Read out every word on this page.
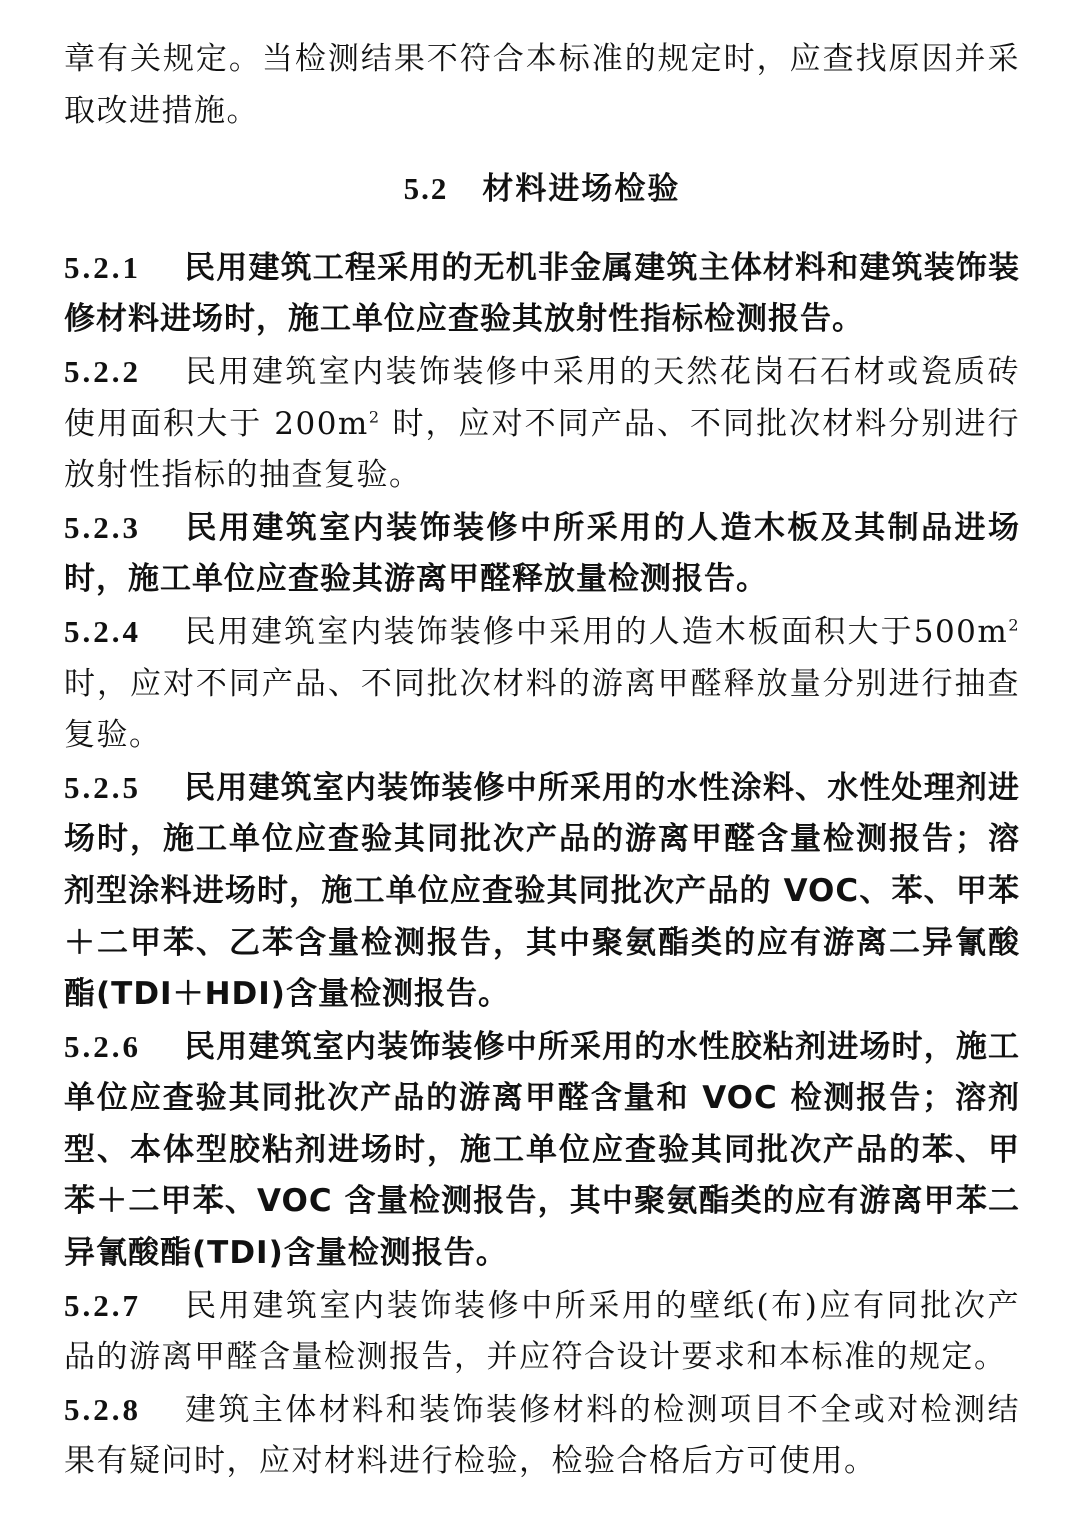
章有关规定。当检测结果不符合本标准的规定时，应查找原因并采取改进措施。

5.2 材料进场检验

5.2.1 民用建筑工程采用的无机非金属建筑主体材料和建筑装饰装修材料进场时，施工单位应查验其放射性指标检测报告。

5.2.2 民用建筑室内装饰装修中采用的天然花岗石石材或瓷质砖使用面积大于 $200m^2$ 时，应对不同产品、不同批次材料分别进行放射性指标的抽查复验。

5.2.3 民用建筑室内装饰装修中所采用的人造木板及其制品进场时，施工单位应查验其游离甲醛释放量检测报告。

5.2.4 民用建筑室内装饰装修中采用的人造木板面积大于$500m^2$时，应对不同产品、不同批次材料的游离甲醛释放量分别进行抽查复验。

5.2.5 民用建筑室内装饰装修中所采用的水性涂料、水性处理剂进场时，施工单位应查验其同批次产品的游离甲醛含量检测报告；溶剂型涂料进场时，施工单位应查验其同批次产品的 VOC、苯、甲苯＋二甲苯、乙苯含量检测报告，其中聚氨酯类的应有游离二异氰酸酯(TDI＋HDI)含量检测报告。

5.2.6 民用建筑室内装饰装修中所采用的水性胶粘剂进场时，施工单位应查验其同批次产品的游离甲醛含量和 VOC 检测报告；溶剂型、本体型胶粘剂进场时，施工单位应查验其同批次产品的苯、甲苯＋二甲苯、VOC 含量检测报告，其中聚氨酯类的应有游离甲苯二异氰酸酯(TDI)含量检测报告。

5.2.7 民用建筑室内装饰装修中所采用的壁纸(布)应有同批次产品的游离甲醛含量检测报告，并应符合设计要求和本标准的规定。

5.2.8 建筑主体材料和装饰装修材料的检测项目不全或对检测结果有疑问时，应对材料进行检验，检验合格后方可使用。
